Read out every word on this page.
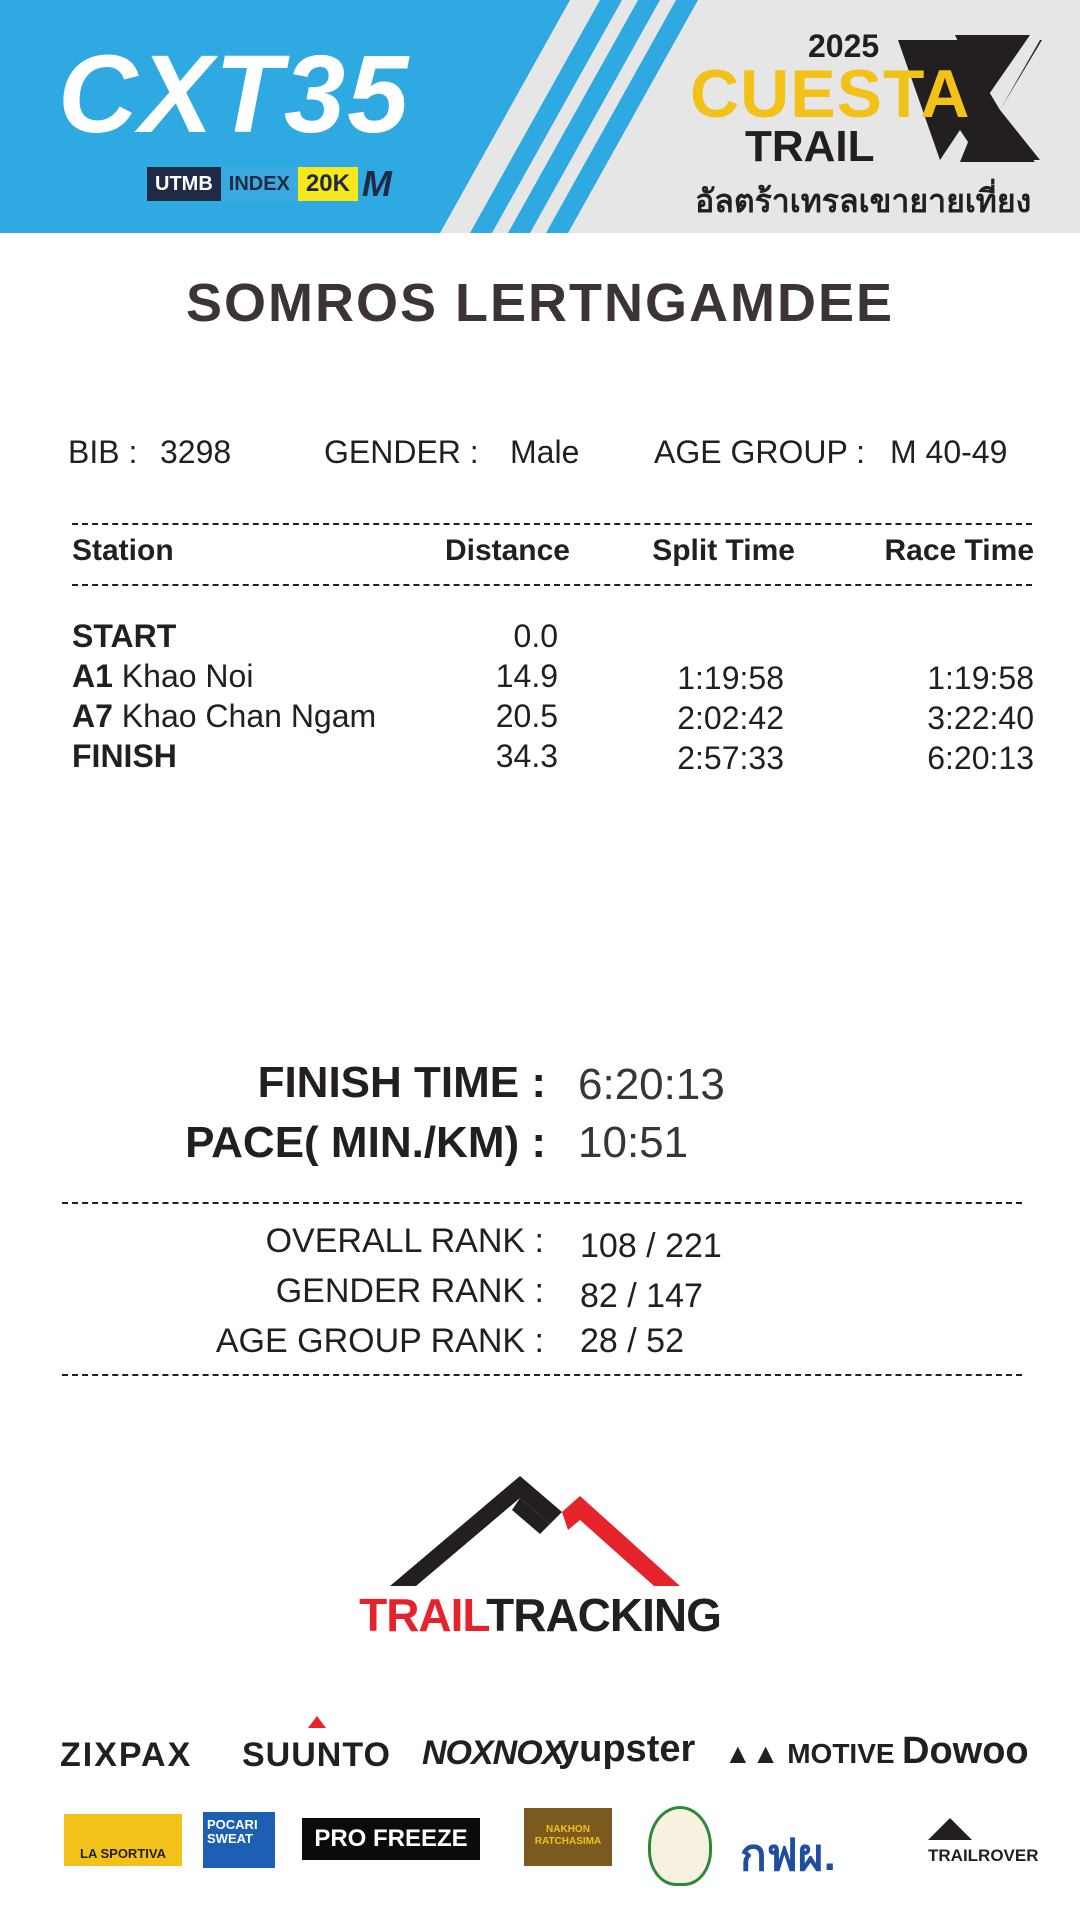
CXT35
UTMB INDEX 20K M
2025
CUESTA
TRAIL
อัลตร้าเทรลเขายายเที่ยง
SOMROS LERTNGAMDEE
BIB : 3298	GENDER : Male AGE GROUP : M 40-49
Station	Distance	Split Time	Race Time
START	0.0
A1 Khao Noi	14.9	1:19:58	1:19:58
A7 Khao Chan Ngam	20.5	2:02:42	3:22:40
FINISH	34.3	2:57:33	6:20:13
FINISH TIME : 6:20:13
PACE( MIN./KM) : 10:51
OVERALL RANK : 108 / 221
GENDER RANK : 82 / 147
AGE GROUP RANK : 28 / 52
TRAILTRACKING
ZIXPAX SUUNTO NOXNOX
yupster ▲▲ MOTIVE Dowoo
LA SPORTIVA
POCARI SWEAT	PRO FREEZE	NAKHON RATCHASIMA	กฟผ.	TRAILROVER
